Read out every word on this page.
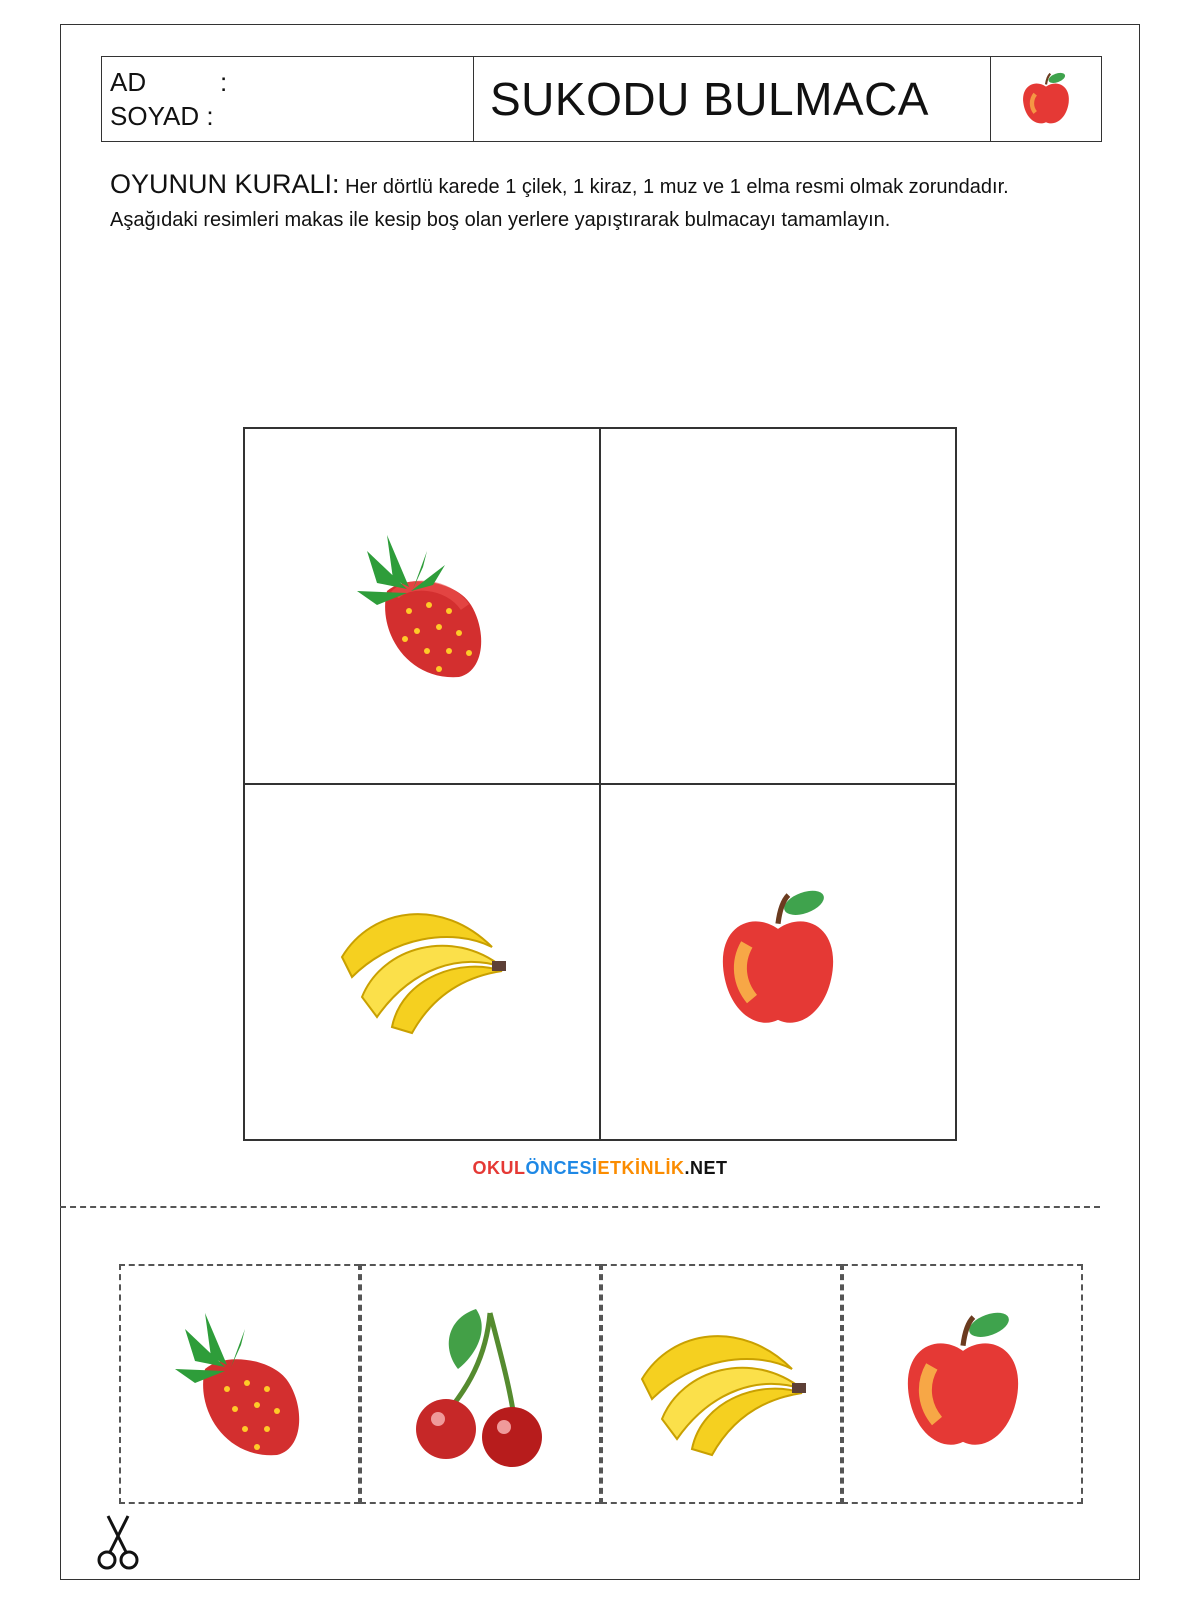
AD	:
SOYAD :	SUKODU BULMACA
OYUNUN KURALI: Her dörtlü karede 1 çilek, 1 kiraz, 1 muz ve 1 elma resmi olmak zorundadır. Aşağıdaki resimleri makas ile kesip boş olan yerlere yapıştırarak bulmacayı tamamlayın.
OKULÖNCESİETKİNLİK.NET
